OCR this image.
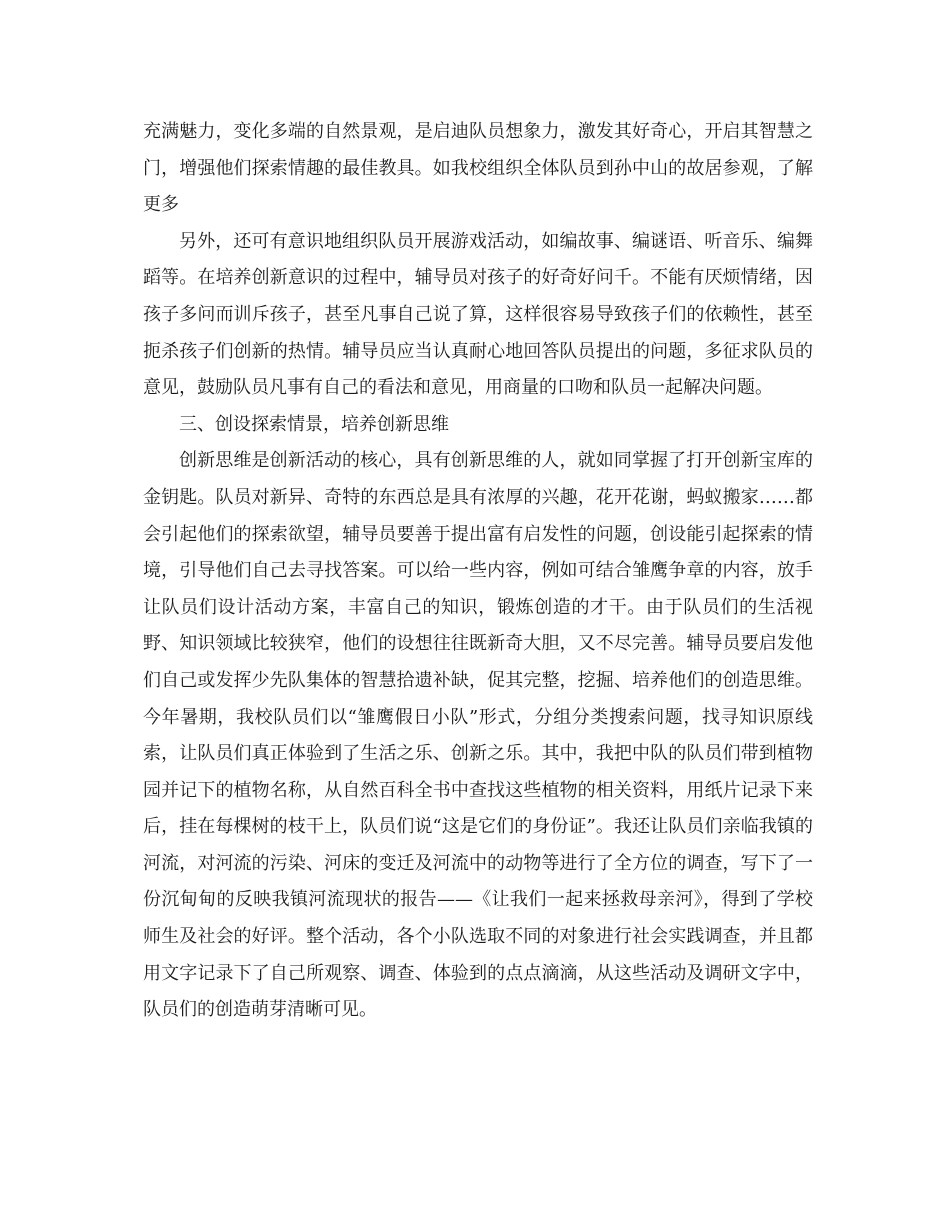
充满魅力，变化多端的自然景观，是启迪队员想象力，激发其好奇心，开启其智慧之门，增强他们探索情趣的最佳教具。如我校组织全体队员到孙中山的故居参观，了解更多

另外，还可有意识地组织队员开展游戏活动，如编故事、编谜语、听音乐、编舞蹈等。在培养创新意识的过程中，辅导员对孩子的好奇好问千。不能有厌烦情绪，因孩子多问而训斥孩子，甚至凡事自己说了算，这样很容易导致孩子们的依赖性，甚至扼杀孩子们创新的热情。辅导员应当认真耐心地回答队员提出的问题，多征求队员的意见，鼓励队员凡事有自己的看法和意见，用商量的口吻和队员一起解决问题。

三、创设探索情景，培养创新思维

创新思维是创新活动的核心，具有创新思维的人，就如同掌握了打开创新宝库的金钥匙。队员对新异、奇特的东西总是具有浓厚的兴趣，花开花谢，蚂蚁搬家……都会引起他们的探索欲望，辅导员要善于提出富有启发性的问题，创设能引起探索的情境，引导他们自己去寻找答案。可以给一些内容，例如可结合雏鹰争章的内容，放手让队员们设计活动方案，丰富自己的知识，锻炼创造的才干。由于队员们的生活视野、知识领域比较狭窄，他们的设想往往既新奇大胆，又不尽完善。辅导员要启发他们自己或发挥少先队集体的智慧拾遗补缺，促其完整，挖掘、培养他们的创造思维。今年暑期，我校队员们以“雏鹰假日小队”形式，分组分类搜索问题，找寻知识原线索，让队员们真正体验到了生活之乐、创新之乐。其中，我把中队的队员们带到植物园并记下的植物名称，从自然百科全书中查找这些植物的相关资料，用纸片记录下来后，挂在每棵树的枝干上，队员们说“这是它们的身份证”。我还让队员们亲临我镇的河流，对河流的污染、河床的变迁及河流中的动物等进行了全方位的调查，写下了一份沉甸甸的反映我镇河流现状的报告——《让我们一起来拯救母亲河》，得到了学校师生及社会的好评。整个活动，各个小队选取不同的对象进行社会实践调查，并且都用文字记录下了自己所观察、调查、体验到的点点滴滴，从这些活动及调研文字中，队员们的创造萌芽清晰可见。
